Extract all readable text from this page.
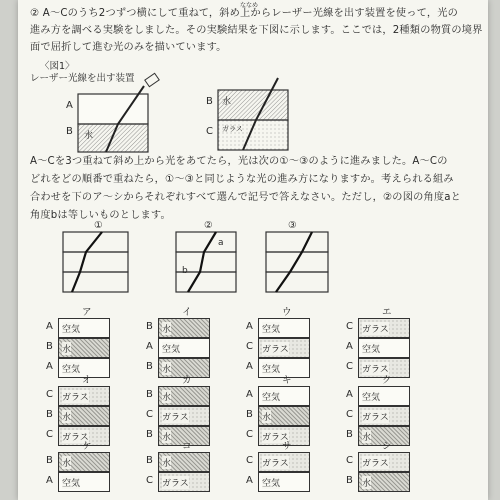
ななめ
② A～Cのうち2つずつ横にして重ねて，斜め上からレーザー光線を出す装置を使って，光の
進み方を調べる実験をしました。その実験結果を下図に示します。ここでは，2種類の物質の境界
面で屈折して進む光のみを描いています。
〈図1〉
レーザー光線を出す装置
A
B 水
B
C
水
ガラス
A～Cを3つ重ねて斜め上から光をあてたら，光は次の①～③のように進みました。A～Cの
どれをどの順番で重ねたら，①～③と同じような光の進み方になりますか。考えられる組み
合わせを下のア～シからそれぞれすべて選んで記号で答えなさい。ただし，②の図の角度aと
角度bは等しいものとします。
①	②	③
a
b
ア
A 空気
B 水
A 空気
イ
B 水
A 空気
B 水
ウ
A 空気
C ガラス
A 空気
エ
C ガラス
A 空気
C ガラス
オ
C ガラス
B 水
C ガラス
カ
B 水
C ガラス
B 水
キ
A 空気
B 水
C ガラス
ク
A 空気
C ガラス
B 水
ケ
B 水
A 空気
コ
B 水
C ガラス
サ
C ガラス
A 空気
シ
C ガラス
B 水
